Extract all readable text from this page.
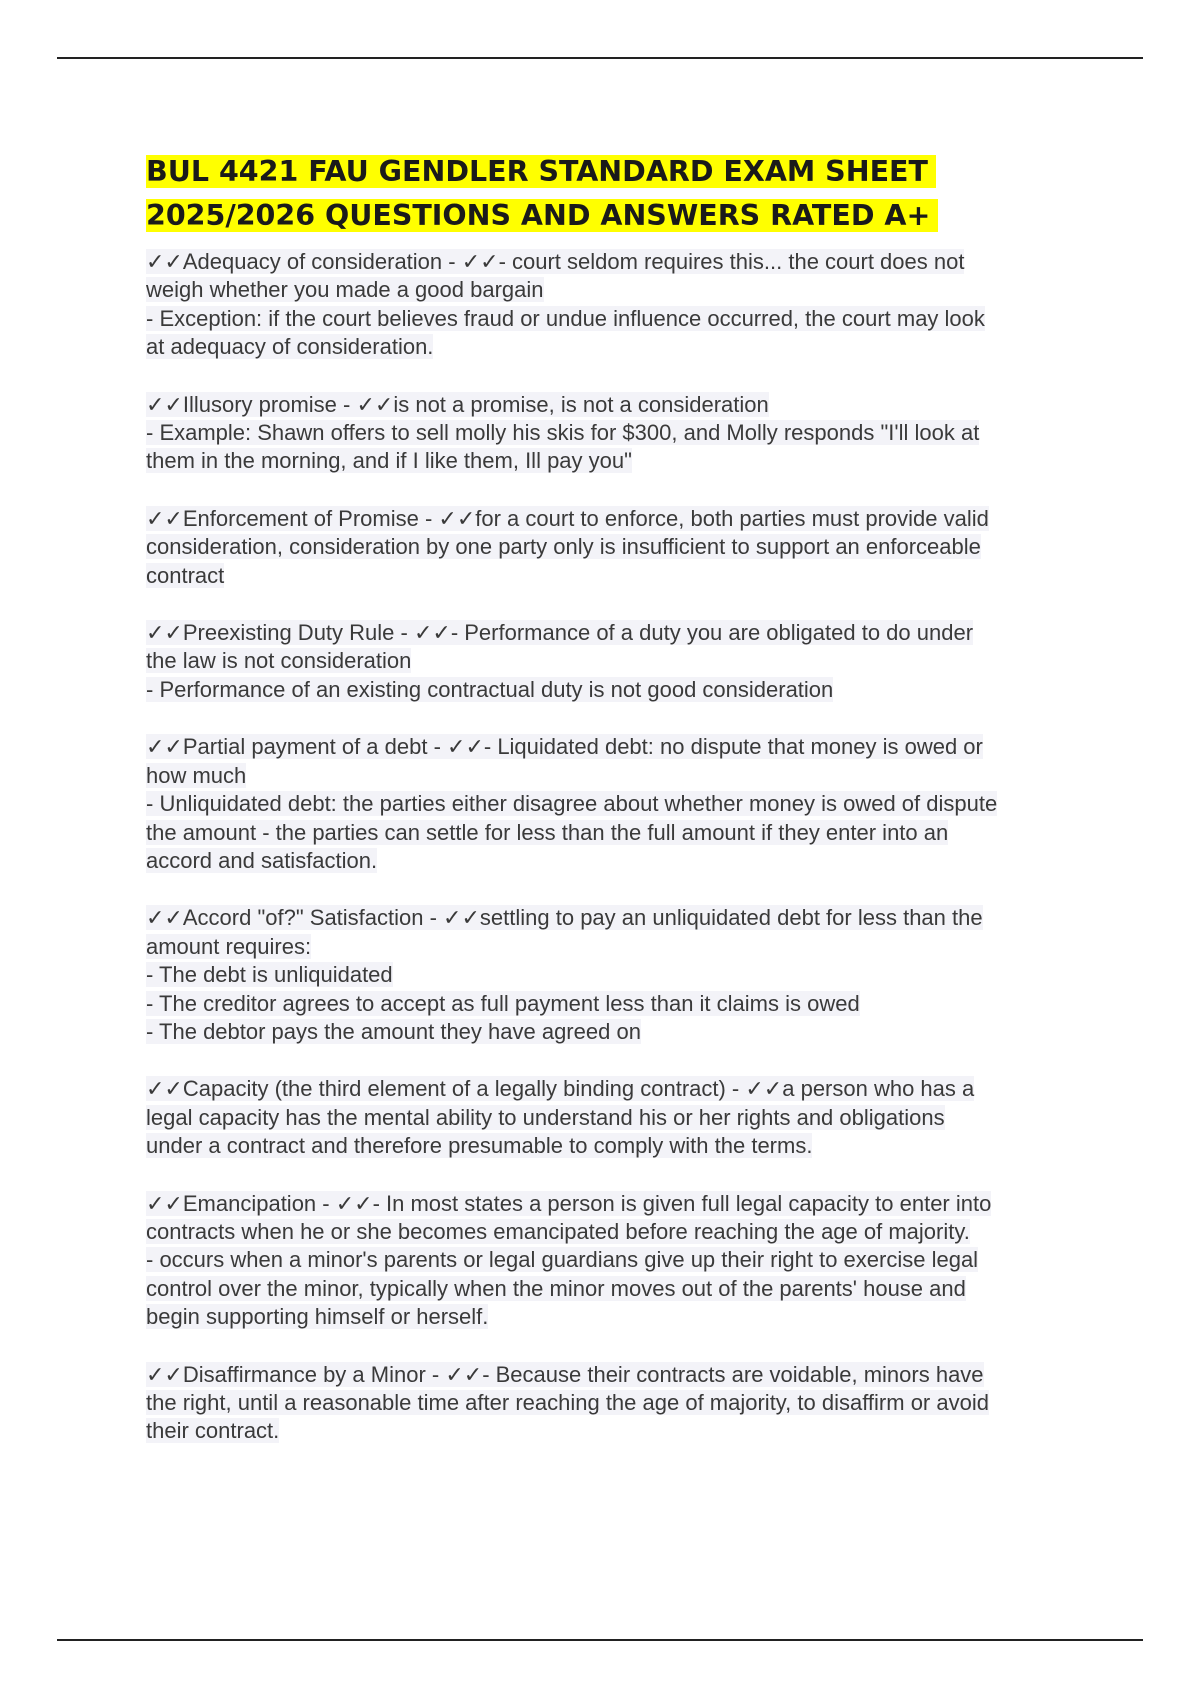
BUL 4421 FAU GENDLER STANDARD EXAM SHEET
2025/2026 QUESTIONS AND ANSWERS RATED A+

✓✓Adequacy of consideration - ✓✓- court seldom requires this... the court does not
weigh whether you made a good bargain
- Exception: if the court believes fraud or undue influence occurred, the court may look
at adequacy of consideration.

✓✓Illusory promise - ✓✓is not a promise, is not a consideration
- Example: Shawn offers to sell molly his skis for $300, and Molly responds "I'll look at
them in the morning, and if I like them, Ill pay you"

✓✓Enforcement of Promise - ✓✓for a court to enforce, both parties must provide valid
consideration, consideration by one party only is insufficient to support an enforceable
contract

✓✓Preexisting Duty Rule - ✓✓- Performance of a duty you are obligated to do under
the law is not consideration
- Performance of an existing contractual duty is not good consideration

✓✓Partial payment of a debt - ✓✓- Liquidated debt: no dispute that money is owed or
how much
- Unliquidated debt: the parties either disagree about whether money is owed of dispute
the amount - the parties can settle for less than the full amount if they enter into an
accord and satisfaction.

✓✓Accord "of?" Satisfaction - ✓✓settling to pay an unliquidated debt for less than the
amount requires:
- The debt is unliquidated
- The creditor agrees to accept as full payment less than it claims is owed
- The debtor pays the amount they have agreed on

✓✓Capacity (the third element of a legally binding contract) - ✓✓a person who has a
legal capacity has the mental ability to understand his or her rights and obligations
under a contract and therefore presumable to comply with the terms.

✓✓Emancipation - ✓✓- In most states a person is given full legal capacity to enter into
contracts when he or she becomes emancipated before reaching the age of majority.
- occurs when a minor's parents or legal guardians give up their right to exercise legal
control over the minor, typically when the minor moves out of the parents' house and
begin supporting himself or herself.

✓✓Disaffirmance by a Minor - ✓✓- Because their contracts are voidable, minors have
the right, until a reasonable time after reaching the age of majority, to disaffirm or avoid
their contract.
